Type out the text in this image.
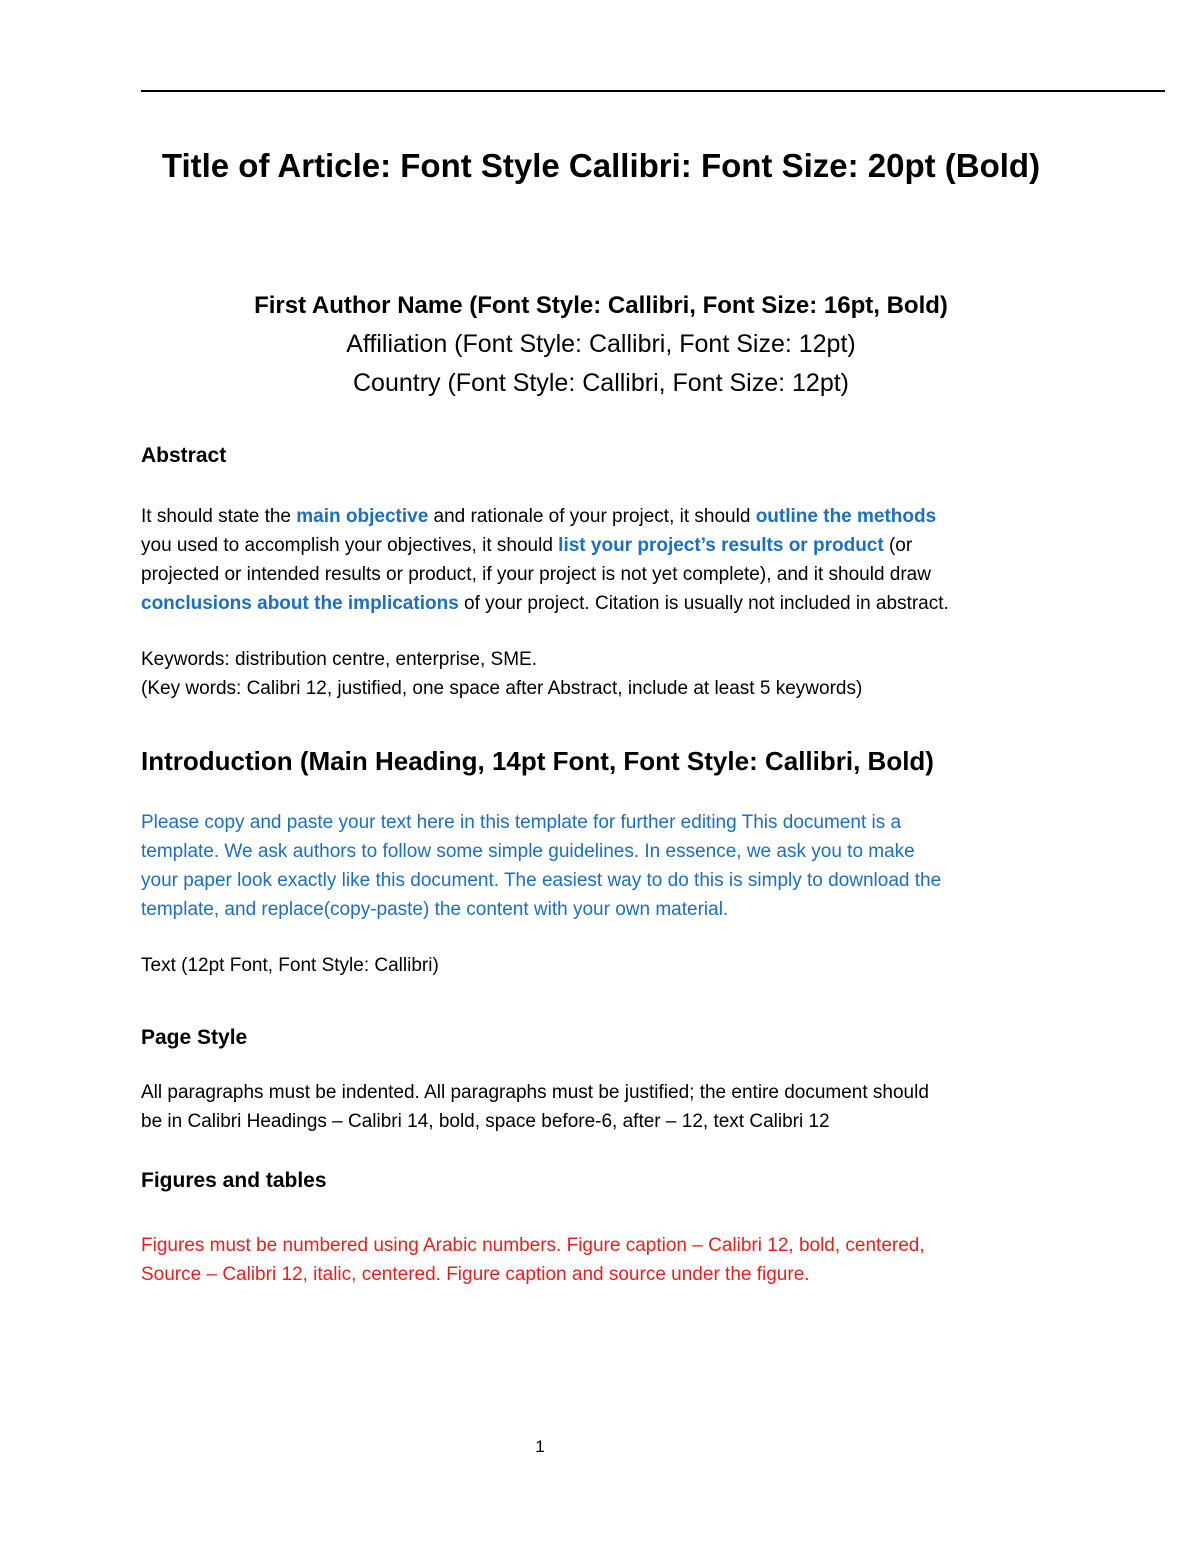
Title of Article: Font Style Callibri: Font Size: 20pt (Bold)
First Author Name (Font Style: Callibri, Font Size: 16pt, Bold)
Affiliation (Font Style: Callibri, Font Size: 12pt)
Country (Font Style: Callibri, Font Size: 12pt)
Abstract
It should state the main objective and rationale of your project, it should outline the methods
you used to accomplish your objectives, it should list your project’s results or product (or
projected or intended results or product, if your project is not yet complete), and it should draw
conclusions about the implications of your project. Citation is usually not included in abstract.
Keywords: distribution centre, enterprise, SME.
(Key words: Calibri 12, justified, one space after Abstract, include at least 5 keywords)
Introduction (Main Heading, 14pt Font, Font Style: Callibri, Bold)
Please copy and paste your text here in this template for further editing This document is a
template. We ask authors to follow some simple guidelines. In essence, we ask you to make
your paper look exactly like this document. The easiest way to do this is simply to download the
template, and replace(copy-paste) the content with your own material.
Text (12pt Font, Font Style: Callibri)
Page Style
All paragraphs must be indented. All paragraphs must be justified; the entire document should
be in Calibri Headings – Calibri 14, bold, space before-6, after – 12, text Calibri 12
Figures and tables
Figures must be numbered using Arabic numbers. Figure caption – Calibri 12, bold, centered,
Source – Calibri 12, italic, centered. Figure caption and source under the figure.
1
